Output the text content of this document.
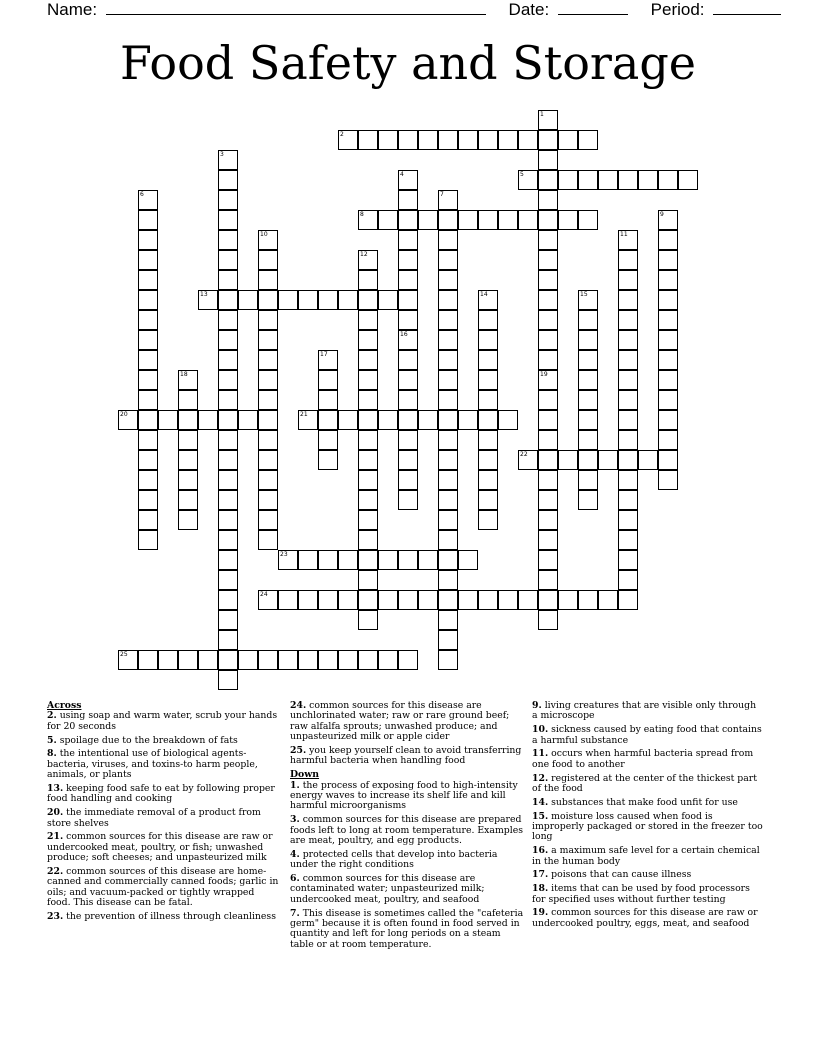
Name:	Date:	Period:
Food Safety and Storage
1
2
3
4	5
6	7
8	9
10	11
12
13	14	15
16
17
18	19
20	21
22
23
24
25

Across

2. using soap and warm water, scrub your hands for 20 seconds

5. spoilage due to the breakdown of fats

8. the intentional use of biological agents-bacteria, viruses, and toxins-to harm people, animals, or plants

13. keeping food safe to eat by following proper food handling and cooking

20. the immediate removal of a product from store shelves

21. common sources for this disease are raw or undercooked meat, poultry, or fish; unwashed produce; soft cheeses; and unpasteurized milk

22. common sources of this disease are home-canned and commercially canned foods; garlic in oils; and vacuum-packed or tightly wrapped food. This disease can be fatal.

23. the prevention of illness through cleanliness

24. common sources for this disease are unchlorinated water; raw or rare ground beef; raw alfalfa sprouts; unwashed produce; and unpasteurized milk or apple cider

25. you keep yourself clean to avoid transferring harmful bacteria when handling food

Down

1. the process of exposing food to high-intensity energy waves to increase its shelf life and kill harmful microorganisms

3. common sources for this disease are prepared foods left to long at room temperature. Examples are meat, poultry, and egg products.

4. protected cells that develop into bacteria under the right conditions

6. common sources for this disease are contaminated water; unpasteurized milk; undercooked meat, poultry, and seafood

7. This disease is sometimes called the "cafeteria germ" because it is often found in food served in quantity and left for long periods on a steam table or at room temperature.

9. living creatures that are visible only through a microscope

10. sickness caused by eating food that contains a harmful substance

11. occurs when harmful bacteria spread from one food to another

12. registered at the center of the thickest part of the food

14. substances that make food unfit for use

15. moisture loss caused when food is improperly packaged or stored in the freezer too long

16. a maximum safe level for a certain chemical in the human body

17. poisons that can cause illness

18. items that can be used by food processors for specified uses without further testing

19. common sources for this disease are raw or undercooked poultry, eggs, meat, and seafood
